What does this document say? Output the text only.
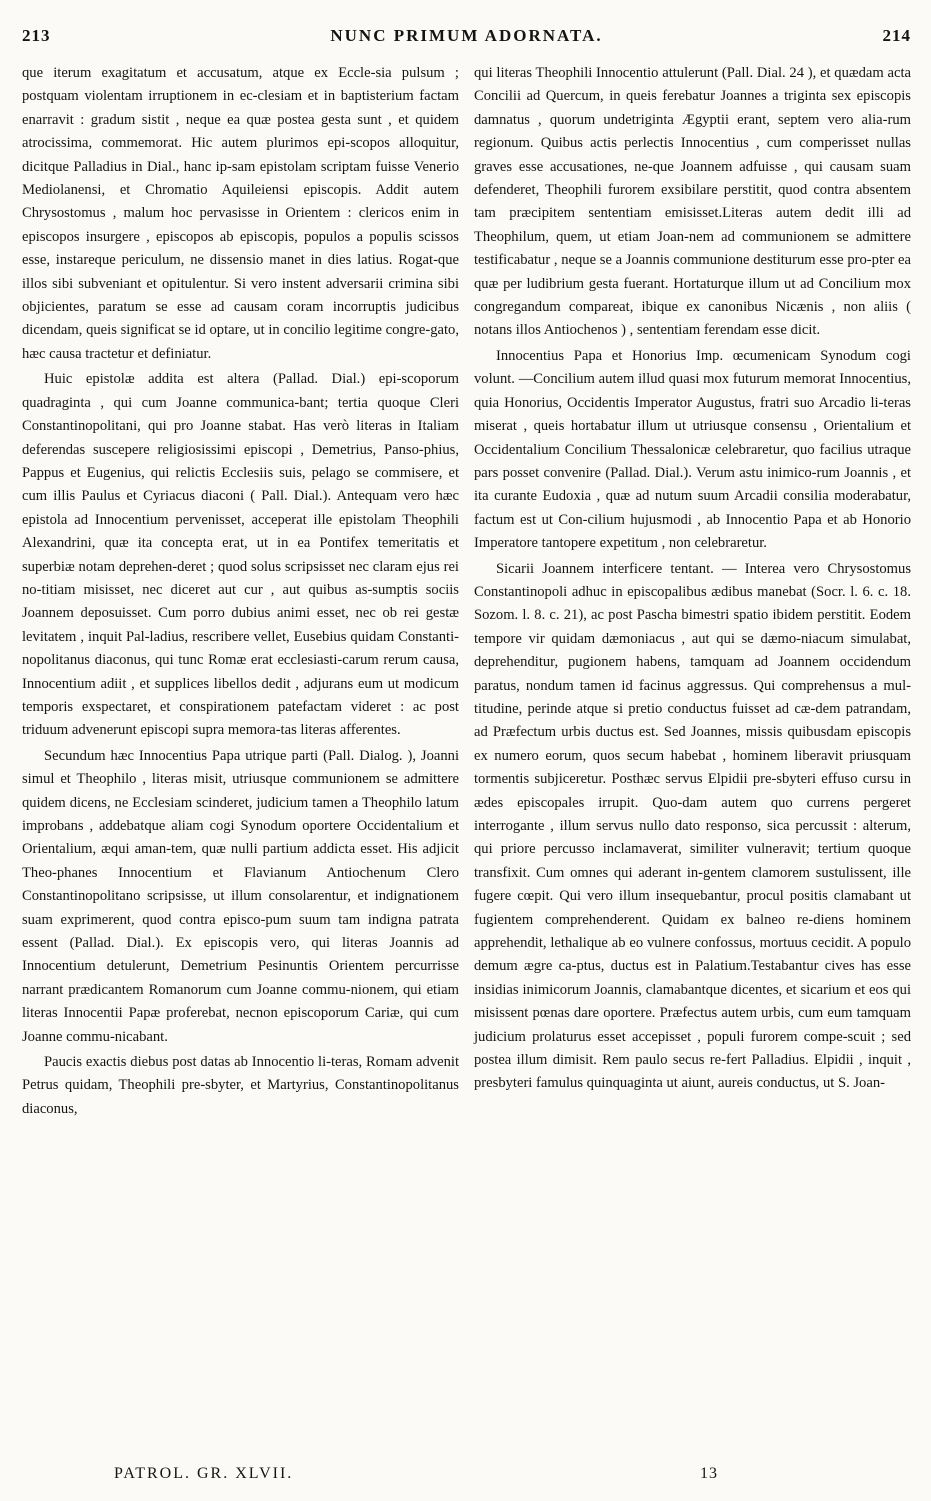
213	NUNC PRIMUM ADORNATA.	214

que iterum exagitatum et accusatum, atque ex Eccle-sia pulsum ; postquam violentam irruptionem in ec-clesiam et in baptisterium factam enarravit : gradum sistit , neque ea quæ postea gesta sunt , et quidem atrocissima, commemorat. Hic autem plurimos epi-scopos alloquitur, dicitque Palladius in Dial., hanc ip-sam epistolam scriptam fuisse Venerio Mediolanensi, et Chromatio Aquileiensi episcopis. Addit autem Chrysostomus , malum hoc pervasisse in Orientem : clericos enim in episcopos insurgere , episcopos ab episcopis, populos a populis scissos esse, instareque periculum, ne dissensio manet in dies latius. Rogat-que illos sibi subveniant et opitulentur. Si vero instent adversarii crimina sibi objicientes, paratum se esse ad causam coram incorruptis judicibus dicendam, queis significat se id optare, ut in concilio legitime congre-gato, hæc causa tractetur et definiatur.

Huic epistolæ addita est altera (Pallad. Dial.) epi-scoporum quadraginta , qui cum Joanne communica-bant; tertia quoque Cleri Constantinopolitani, qui pro Joanne stabat. Has verò literas in Italiam deferendas suscepere religiosissimi episcopi , Demetrius, Panso-phius, Pappus et Eugenius, qui relictis Ecclesiis suis, pelago se commisere, et cum illis Paulus et Cyriacus diaconi ( Pall. Dial.). Antequam vero hæc epistola ad Innocentium pervenisset, acceperat ille epistolam Theophili Alexandrini, quæ ita concepta erat, ut in ea Pontifex temeritatis et superbiæ notam deprehen-deret ; quod solus scripsisset nec claram ejus rei no-titiam misisset, nec diceret aut cur , aut quibus as-sumptis sociis Joannem deposuisset. Cum porro dubius animi esset, nec ob rei gestæ levitatem , inquit Pal-ladius, rescribere vellet, Eusebius quidam Constanti-nopolitanus diaconus, qui tunc Romæ erat ecclesiasti-carum rerum causa, Innocentium adiit , et supplices libellos dedit , adjurans eum ut modicum temporis exspectaret, et conspirationem patefactam videret : ac post triduum advenerunt episcopi supra memora-tas literas afferentes.

Secundum hæc Innocentius Papa utrique parti (Pall. Dialog. ), Joanni simul et Theophilo , literas misit, utriusque communionem se admittere quidem dicens, ne Ecclesiam scinderet, judicium tamen a Theophilo latum improbans , addebatque aliam cogi Synodum oportere Occidentalium et Orientalium, æqui aman-tem, quæ nulli partium addicta esset. His adjicit Theo-phanes Innocentium et Flavianum Antiochenum Clero Constantinopolitano scripsisse, ut illum consolarentur, et indignationem suam exprimerent, quod contra episco-pum suum tam indigna patrata essent (Pallad. Dial.). Ex episcopis vero, qui literas Joannis ad Innocentium detulerunt, Demetrium Pesinuntis Orientem percurrisse narrant prædicantem Romanorum cum Joanne commu-nionem, qui etiam literas Innocentii Papæ proferebat, necnon episcoporum Cariæ, qui cum Joanne commu-nicabant.

Paucis exactis diebus post datas ab Innocentio li-teras, Romam advenit Petrus quidam, Theophili pre-sbyter, et Martyrius, Constantinopolitanus diaconus,

qui literas Theophili Innocentio attulerunt (Pall. Dial. 24 ), et quædam acta Concilii ad Quercum, in queis ferebatur Joannes a triginta sex episcopis damnatus , quorum undetriginta Ægyptii erant, septem vero alia-rum regionum. Quibus actis perlectis Innocentius , cum comperisset nullas graves esse accusationes, ne-que Joannem adfuisse , qui causam suam defenderet, Theophili furorem exsibilare perstitit, quod contra absentem tam præcipitem sententiam emisisset.Literas autem dedit illi ad Theophilum, quem, ut etiam Joan-nem ad communionem se admittere testificabatur , neque se a Joannis communione destiturum esse pro-pter ea quæ per ludibrium gesta fuerant. Hortaturque illum ut ad Concilium mox congregandum compareat, ibique ex canonibus Nicænis , non aliis ( notans illos Antiochenos ) , sententiam ferendam esse dicit.

Innocentius Papa et Honorius Imp. œcumenicam Synodum cogi volunt. —Concilium autem illud quasi mox futurum memorat Innocentius, quia Honorius, Occidentis Imperator Augustus, fratri suo Arcadio li-teras miserat , queis hortabatur illum ut utriusque consensu , Orientalium et Occidentalium Concilium Thessalonicæ celebraretur, quo facilius utraque pars posset convenire (Pallad. Dial.). Verum astu inimico-rum Joannis , et ita curante Eudoxia , quæ ad nutum suum Arcadii consilia moderabatur, factum est ut Con-cilium hujusmodi , ab Innocentio Papa et ab Honorio Imperatore tantopere expetitum , non celebraretur.

Sicarii Joannem interficere tentant. — Interea vero Chrysostomus Constantinopoli adhuc in episcopalibus ædibus manebat (Socr. l. 6. c. 18. Sozom. l. 8. c. 21), ac post Pascha bimestri spatio ibidem perstitit. Eodem tempore vir quidam dæmoniacus , aut qui se dæmo-niacum simulabat, deprehenditur, pugionem habens, tamquam ad Joannem occidendum paratus, nondum tamen id facinus aggressus. Qui comprehensus a mul-titudine, perinde atque si pretio conductus fuisset ad cæ-dem patrandam, ad Præfectum urbis ductus est. Sed Joannes, missis quibusdam episcopis ex numero eorum, quos secum habebat , hominem liberavit priusquam tormentis subjiceretur. Posthæc servus Elpidii pre-sbyteri effuso cursu in ædes episcopales irrupit. Quo-dam autem quo currens pergeret interrogante , illum servus nullo dato responso, sica percussit : alterum, qui priore percusso inclamaverat, similiter vulneravit; tertium quoque transfixit. Cum omnes qui aderant in-gentem clamorem sustulissent, ille fugere cœpit. Qui vero illum insequebantur, procul positis clamabant ut fugientem comprehenderent. Quidam ex balneo re-diens hominem apprehendit, lethalique ab eo vulnere confossus, mortuus cecidit. A populo demum ægre ca-ptus, ductus est in Palatium.Testabantur cives has esse insidias inimicorum Joannis, clamabantque dicentes, et sicarium et eos qui misissent pœnas dare oportere. Præfectus autem urbis, cum eum tamquam judicium prolaturus esset accepisset , populi furorem compe-scuit ; sed postea illum dimisit. Rem paulo secus re-fert Palladius. Elpidii , inquit , presbyteri famulus quinquaginta ut aiunt, aureis conductus, ut S. Joan-

PATROL. GR. XLVII.	13
